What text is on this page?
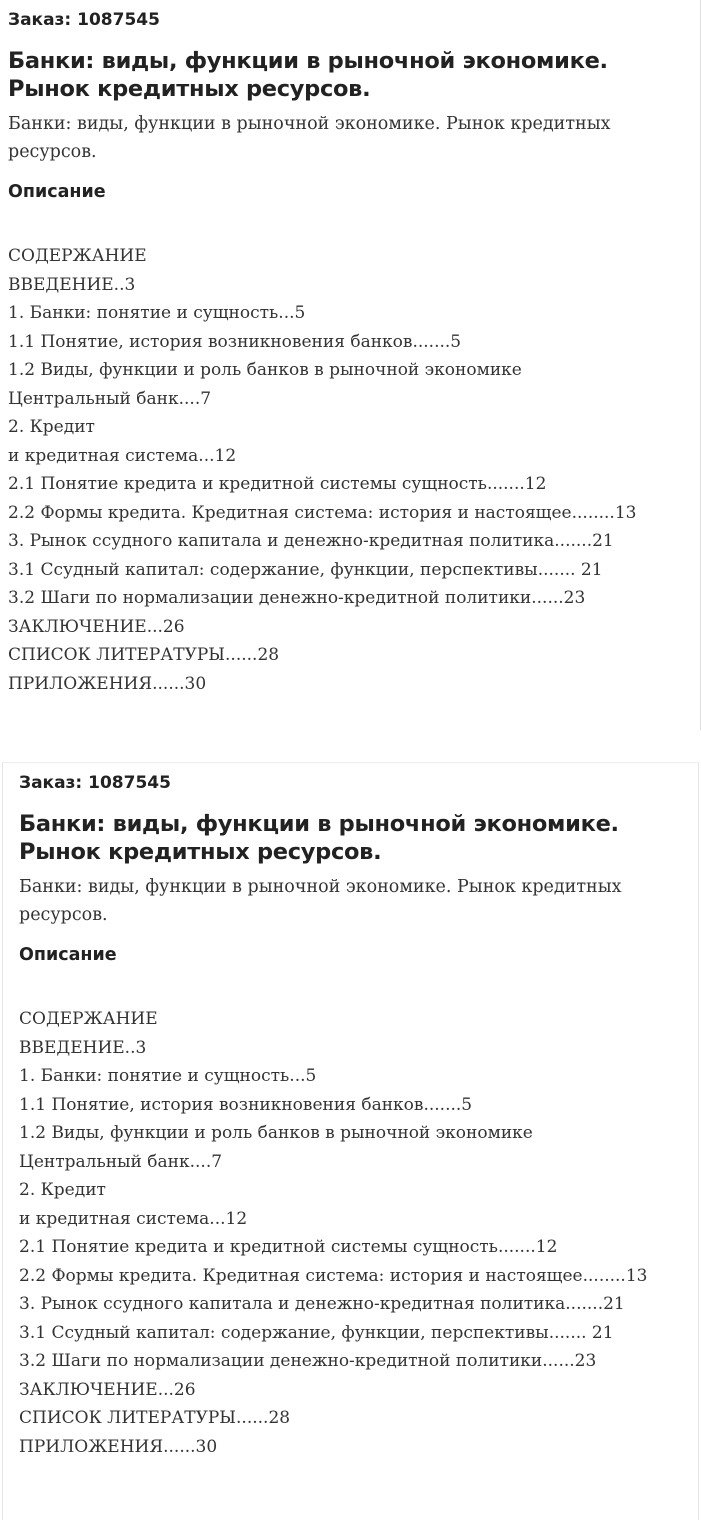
Заказ: 1087545
Банки: виды, функции в рыночной экономике. Рынок кредитных ресурсов.
Банки: виды, функции в рыночной экономике. Рынок кредитных ресурсов.
Описание
СОДЕРЖАНИЕ
ВВЕДЕНИЕ..3
1. Банки: понятие и сущность...5
1.1 Понятие, история возникновения банков.......5
1.2 Виды, функции и роль банков в рыночной экономике
Центральный банк....7
2. Кредит
и кредитная система...12
2.1 Понятие кредита и кредитной системы сущность.......12
2.2 Формы кредита. Кредитная система: история и настоящее........13
3. Рынок ссудного капитала и денежно-кредитная политика.......21
3.1 Ссудный капитал: содержание, функции, перспективы....... 21
3.2 Шаги по нормализации денежно-кредитной политики......23
ЗАКЛЮЧЕНИЕ...26
СПИСОК ЛИТЕРАТУРЫ......28
ПРИЛОЖЕНИЯ......30
Заказ: 1087545
Банки: виды, функции в рыночной экономике. Рынок кредитных ресурсов.
Банки: виды, функции в рыночной экономике. Рынок кредитных ресурсов.
Описание
СОДЕРЖАНИЕ
ВВЕДЕНИЕ..3
1. Банки: понятие и сущность...5
1.1 Понятие, история возникновения банков.......5
1.2 Виды, функции и роль банков в рыночной экономике
Центральный банк....7
2. Кредит
и кредитная система...12
2.1 Понятие кредита и кредитной системы сущность.......12
2.2 Формы кредита. Кредитная система: история и настоящее........13
3. Рынок ссудного капитала и денежно-кредитная политика.......21
3.1 Ссудный капитал: содержание, функции, перспективы....... 21
3.2 Шаги по нормализации денежно-кредитной политики......23
ЗАКЛЮЧЕНИЕ...26
СПИСОК ЛИТЕРАТУРЫ......28
ПРИЛОЖЕНИЯ......30
